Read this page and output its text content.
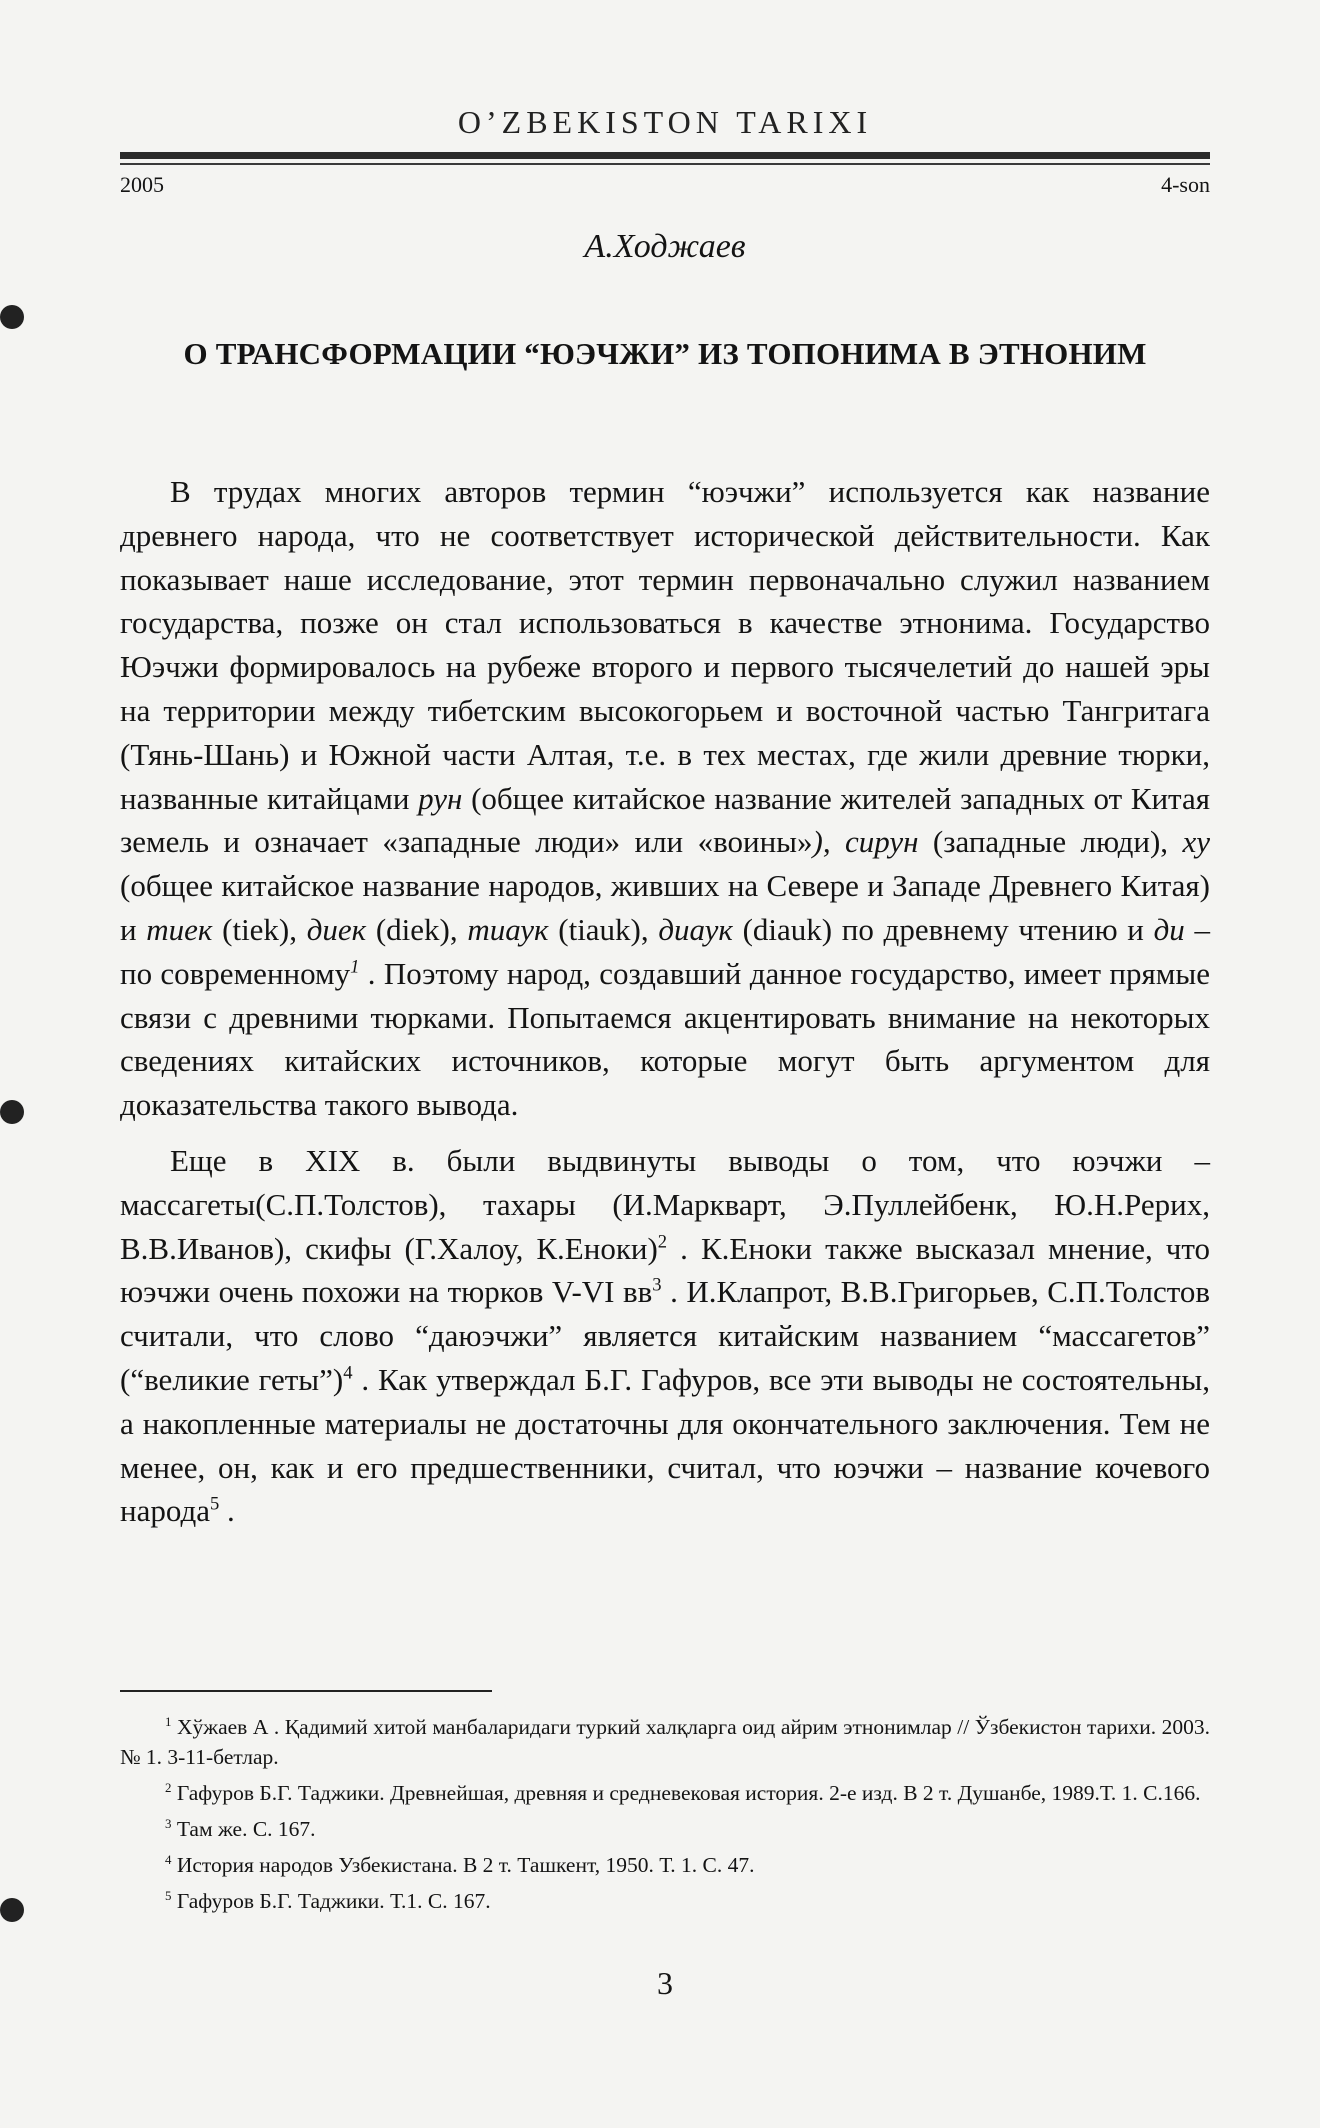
O’ZBEKISTON TARIXI
2005	4-son
А.Ходжаев
О ТРАНСФОРМАЦИИ “ЮЭЧЖИ” ИЗ ТОПОНИМА В ЭТНОНИМ

В трудах многих авторов термин “юэчжи” используется как название древнего народа, что не соответствует исторической действительности. Как показывает наше исследование, этот термин первоначально служил названием государства, позже он стал использоваться в качестве этнонима. Государство Юэчжи формировалось на рубеже второго и первого тысячелетий до нашей эры на территории между тибетским высокогорьем и восточной частью Тангритага (Тянь-Шань) и Южной части Алтая, т.е. в тех местах, где жили древние тюрки, названные китайцами рун (общее китайское название жителей западных от Китая земель и означает «западные люди» или «воины»), сирун (западные люди), ху (общее китайское название народов, живших на Севере и Западе Древнего Китая) и тиек (tiek), диек (diek), тиаук (tiauk), диаук (diauk) по древнему чтению и ди – по современному$^1$ . Поэтому народ, создавший данное государство, имеет прямые связи с древними тюрками. Попытаемся акцентировать внимание на некоторых сведениях китайских источников, которые могут быть аргументом для доказательства такого вывода.

Еще в XIX в. были выдвинуты выводы о том, что юэчжи – массагеты(С.П.Толстов), тахары (И.Маркварт, Э.Пуллейбенк, Ю.Н.Рерих, В.В.Иванов), скифы (Г.Халоу, К.Еноки)$^2$ . К.Еноки также высказал мнение, что юэчжи очень похожи на тюрков V-VI $вв^3$ . И.Клапрот, В.В.Григорьев, С.П.Толстов считали, что слово “даюэчжи” является китайским названием “массагетов” (“великие геты”)$^4$ . Как утверждал Б.Г. Гафуров, все эти выводы не состоятельны, а накопленные материалы не достаточны для окончательного заключения. Тем не менее, он, как и его предшественники, считал, что юэчжи – название кочевого народа$^5$ .

$^1$ Хўжаев А . Қадимий хитой манбаларидаги туркий халқларга оид айрим этнонимлар // Ўзбекистон тарихи. 2003. № 1. 3-11-бетлар.

$^2$ Гафуров Б.Г. Таджики. Древнейшая, древняя и средневековая история. 2-е изд. В 2 т. Душанбе, 1989.Т. 1. С.166.

$^3$ Там же. С. 167.

$^4$ История народов Узбекистана. В 2 т. Ташкент, 1950. Т. 1. С. 47.

$^5$ Гафуров Б.Г. Таджики. Т.1. С. 167.

3
